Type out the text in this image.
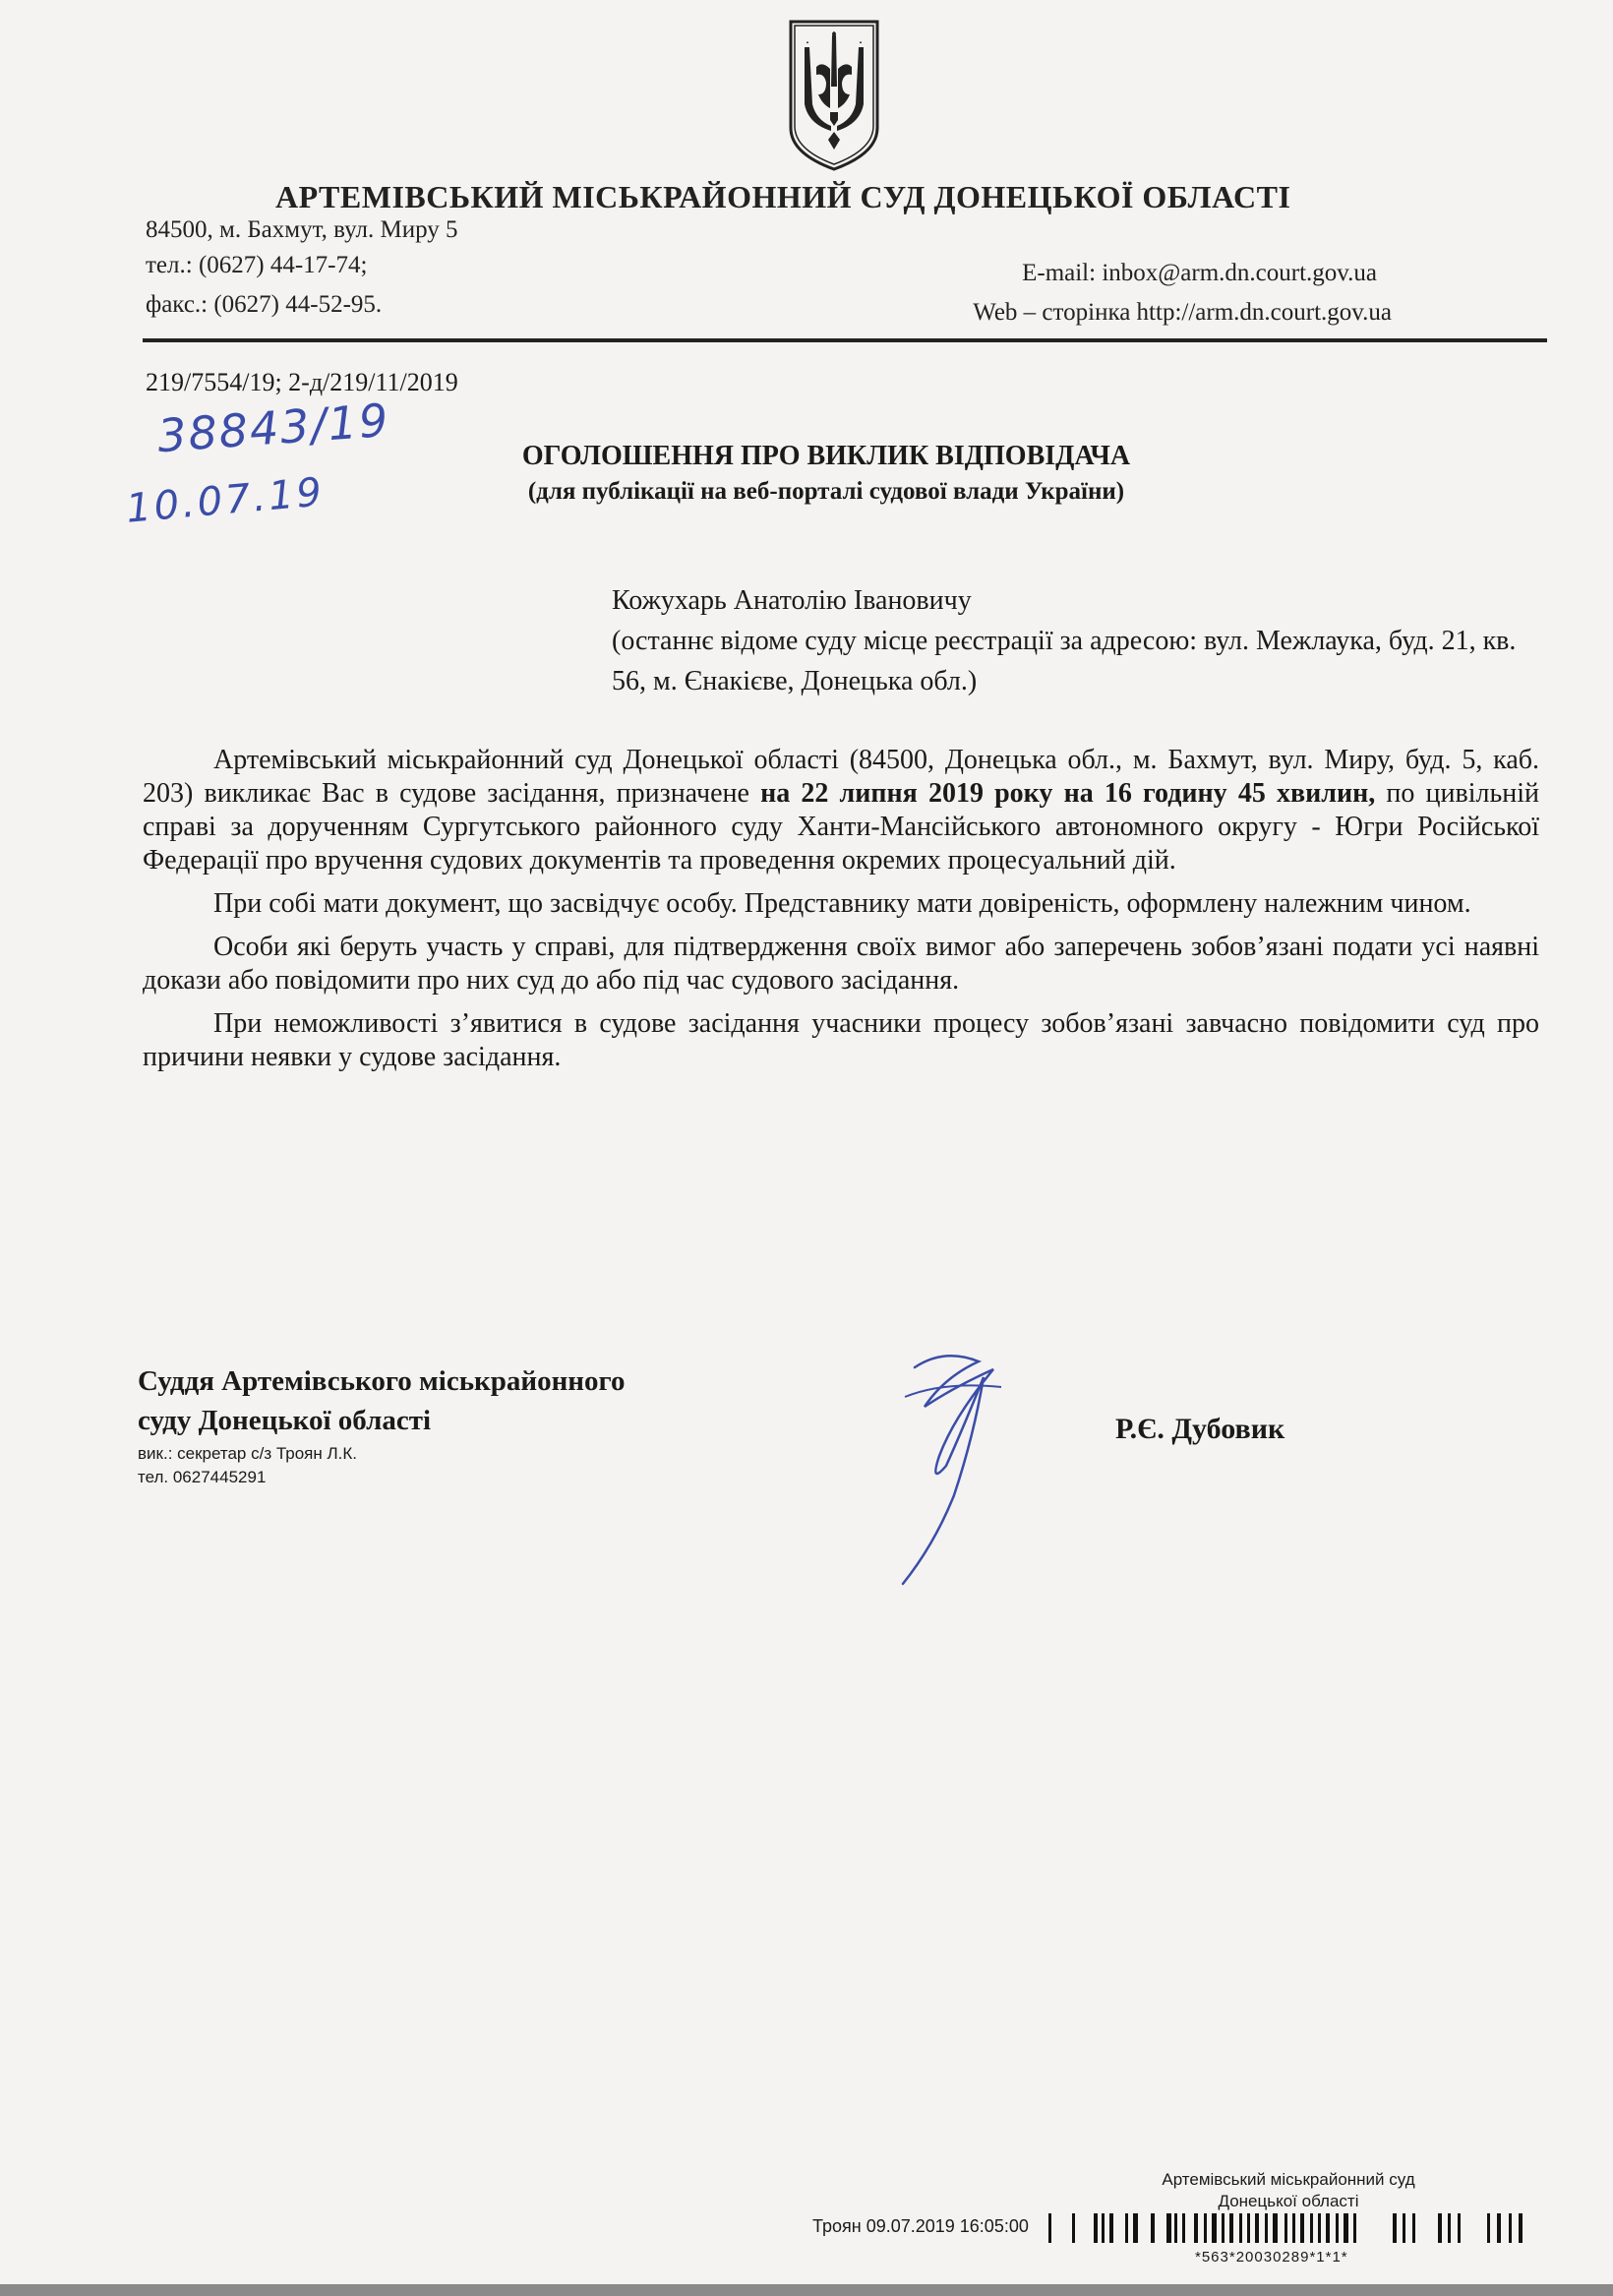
АРТЕМІВСЬКИЙ МІСЬКРАЙОННИЙ СУД ДОНЕЦЬКОЇ ОБЛАСТІ
84500, м. Бахмут, вул. Миру 5
тел.: (0627) 44-17-74;
факс.: (0627) 44-52-95.
E-mail: inbox@arm.dn.court.gov.ua
Web – сторінка http://arm.dn.court.gov.ua
219/7554/19; 2-д/219/11/2019
38843/19
10.07.19
ОГОЛОШЕННЯ ПРО ВИКЛИК ВІДПОВІДАЧА
(для публікації на веб-порталі судової влади України)
Кожухарь Анатолію Івановичу
(останнє відоме суду місце реєстрації за адресою: вул. Межлаука, буд. 21, кв. 56, м. Єнакієве, Донецька обл.)

Артемівський міськрайонний суд Донецької області (84500, Донецька обл., м. Бахмут, вул. Миру, буд. 5, каб. 203) викликає Вас в судове засідання, призначене на 22 липня 2019 року на 16 годину 45 хвилин, по цивільній справі за дорученням Сургутського районного суду Ханти-Мансійського автономного округу - Югри Російської Федерації про вручення судових документів та проведення окремих процесуальний дій.

При собі мати документ, що засвідчує особу. Представнику мати довіреність, оформлену належним чином.

Особи які беруть участь у справі, для підтвердження своїх вимог або заперечень зобов’язані подати усі наявні докази або повідомити про них суд до або під час судового засідання.

При неможливості з’явитися в судове засідання учасники процесу зобов’язані завчасно повідомити суд про причини неявки у судове засідання.

Суддя Артемівського міськрайонного
суду Донецької області
вик.: секретар с/з Троян Л.К.
тел. 0627445291
Р.Є. Дубовик
Артемівський міськрайонний суд
Донецької області
Троян 09.07.2019 16:05:00
*563*20030289*1*1*
